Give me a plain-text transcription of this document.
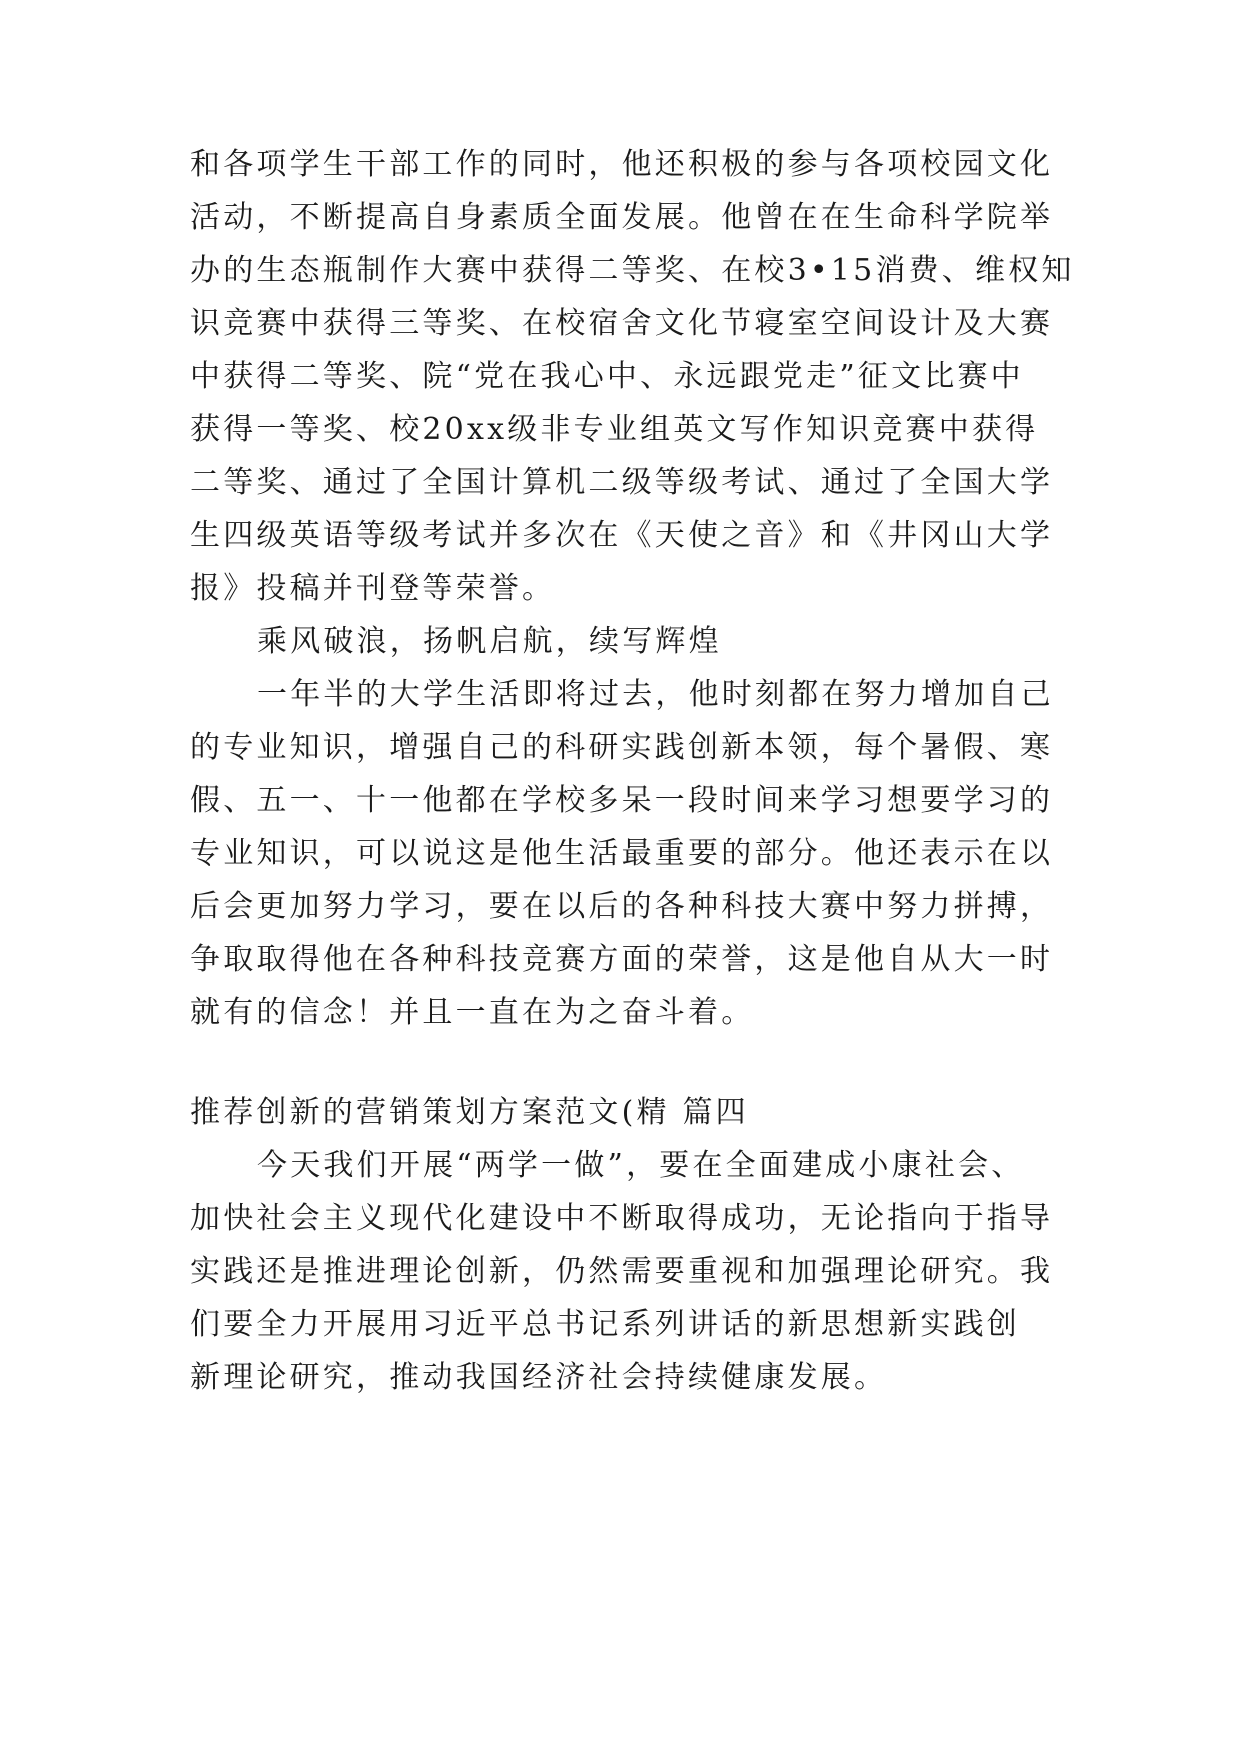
和各项学生干部工作的同时，他还积极的参与各项校园文化
活动，不断提高自身素质全面发展。他曾在在生命科学院举
办的生态瓶制作大赛中获得二等奖、在校3•15消费、维权知
识竞赛中获得三等奖、在校宿舍文化节寝室空间设计及大赛
中获得二等奖、院“党在我心中、永远跟党走”征文比赛中
获得一等奖、校20xx级非专业组英文写作知识竞赛中获得
二等奖、通过了全国计算机二级等级考试、通过了全国大学
生四级英语等级考试并多次在《天使之音》和《井冈山大学
报》投稿并刊登等荣誉。
乘风破浪，扬帆启航，续写辉煌
一年半的大学生活即将过去，他时刻都在努力增加自己
的专业知识，增强自己的科研实践创新本领，每个暑假、寒
假、五一、十一他都在学校多呆一段时间来学习想要学习的
专业知识，可以说这是他生活最重要的部分。他还表示在以
后会更加努力学习，要在以后的各种科技大赛中努力拼搏，
争取取得他在各种科技竞赛方面的荣誉，这是他自从大一时
就有的信念！并且一直在为之奋斗着。
推荐创新的营销策划方案范文(精 篇四
今天我们开展“两学一做”，要在全面建成小康社会、
加快社会主义现代化建设中不断取得成功，无论指向于指导
实践还是推进理论创新，仍然需要重视和加强理论研究。我
们要全力开展用习近平总书记系列讲话的新思想新实践创
新理论研究，推动我国经济社会持续健康发展。
